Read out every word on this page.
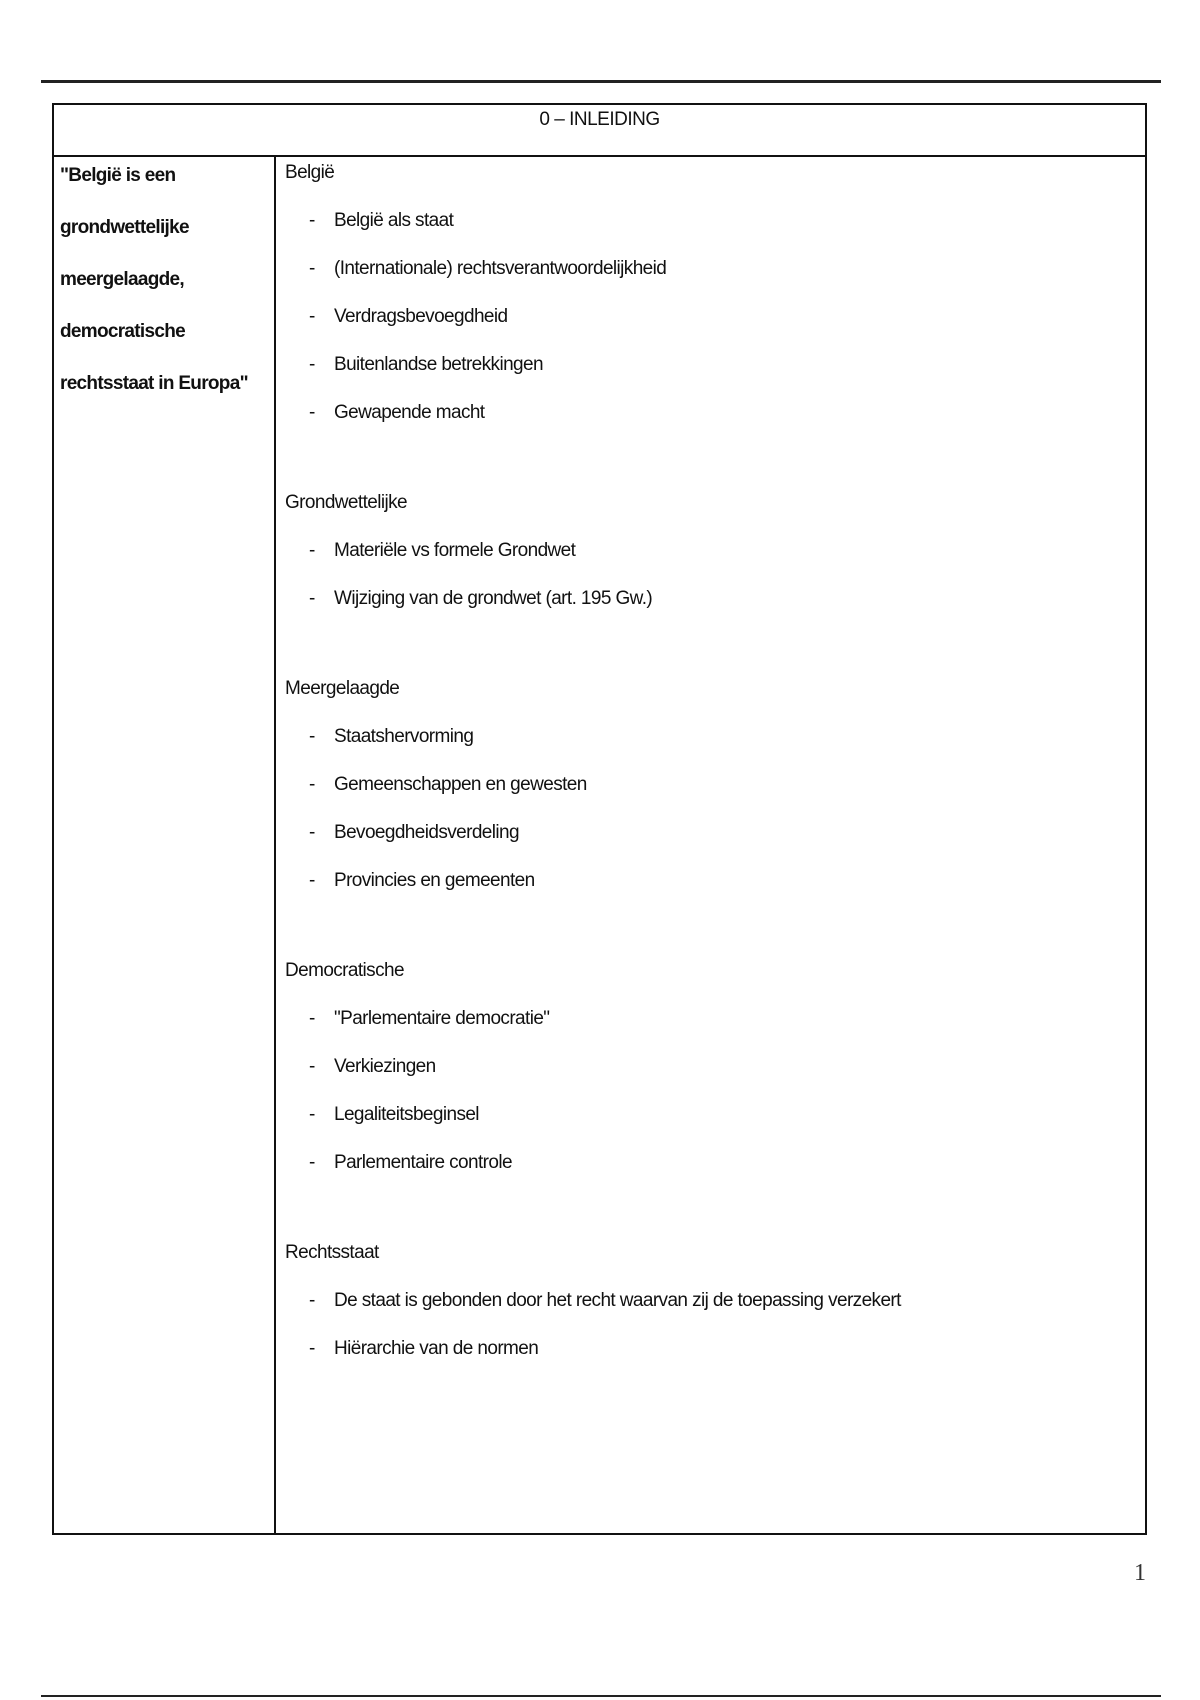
0 – INLEIDING

"België is een grondwettelijke meergelaagde, democratische rechtsstaat in Europa"

België

- België als staat
- (Internationale) rechtsverantwoordelijkheid
- Verdragsbevoegdheid
- Buitenlandse betrekkingen
- Gewapende macht

Grondwettelijke

- Materiële vs formele Grondwet
- Wijziging van de grondwet (art. 195 Gw.)

Meergelaagde

- Staatshervorming
- Gemeenschappen en gewesten
- Bevoegdheidsverdeling
- Provincies en gemeenten

Democratische

- "Parlementaire democratie"
- Verkiezingen
- Legaliteitsbeginsel
- Parlementaire controle

Rechtsstaat

- De staat is gebonden door het recht waarvan zij de toepassing verzekert
- Hiërarchie van de normen
1
